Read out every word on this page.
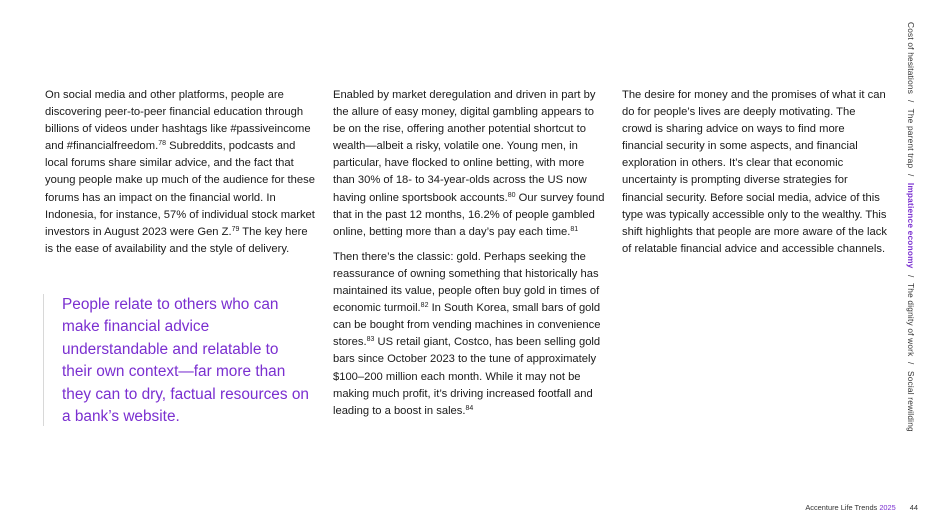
On social media and other platforms, people are discovering peer-to-peer financial education through billions of videos under hashtags like #passiveincome and #financialfreedom.$^{78}$ Subreddits, podcasts and local forums share similar advice, and the fact that young people make up much of the audience for these forums has an impact on the financial world. In Indonesia, for instance, 57% of individual stock market investors in August 2023 were Gen Z.$^{79}$ The key here is the ease of availability and the style of delivery.

People relate to others who can make financial advice understandable and relatable to their own context—far more than they can to dry, factual resources on a bank’s website.

Enabled by market deregulation and driven in part by the allure of easy money, digital gambling appears to be on the rise, offering another potential shortcut to wealth—albeit a risky, volatile one. Young men, in particular, have flocked to online betting, with more than 30% of 18- to 34-year-olds across the US now having online sportsbook accounts.$^{80}$ Our survey found that in the past 12 months, 16.2% of people gambled online, betting more than a day’s pay each time.$^{81}$

Then there’s the classic: gold. Perhaps seeking the reassurance of owning something that historically has maintained its value, people often buy gold in times of economic turmoil.$^{82}$ In South Korea, small bars of gold can be bought from vending machines in convenience stores.$^{83}$ US retail giant, Costco, has been selling gold bars since October 2023 to the tune of approximately $100–200 million each month. While it may not be making much profit, it’s driving increased footfall and leading to a boost in sales.$^{84}$

The desire for money and the promises of what it can do for people’s lives are deeply motivating. The crowd is sharing advice on ways to find more financial security in some aspects, and financial exploration in others. It’s clear that economic uncertainty is prompting diverse strategies for financial security. Before social media, advice of this type was typically accessible only to the wealthy. This shift highlights that people are more aware of the lack of relatable financial advice and accessible channels.

Cost of hesitations/The parent trap/Impatience economy/The dignity of work/Social rewilding
Accenture Life Trends 2025 44
